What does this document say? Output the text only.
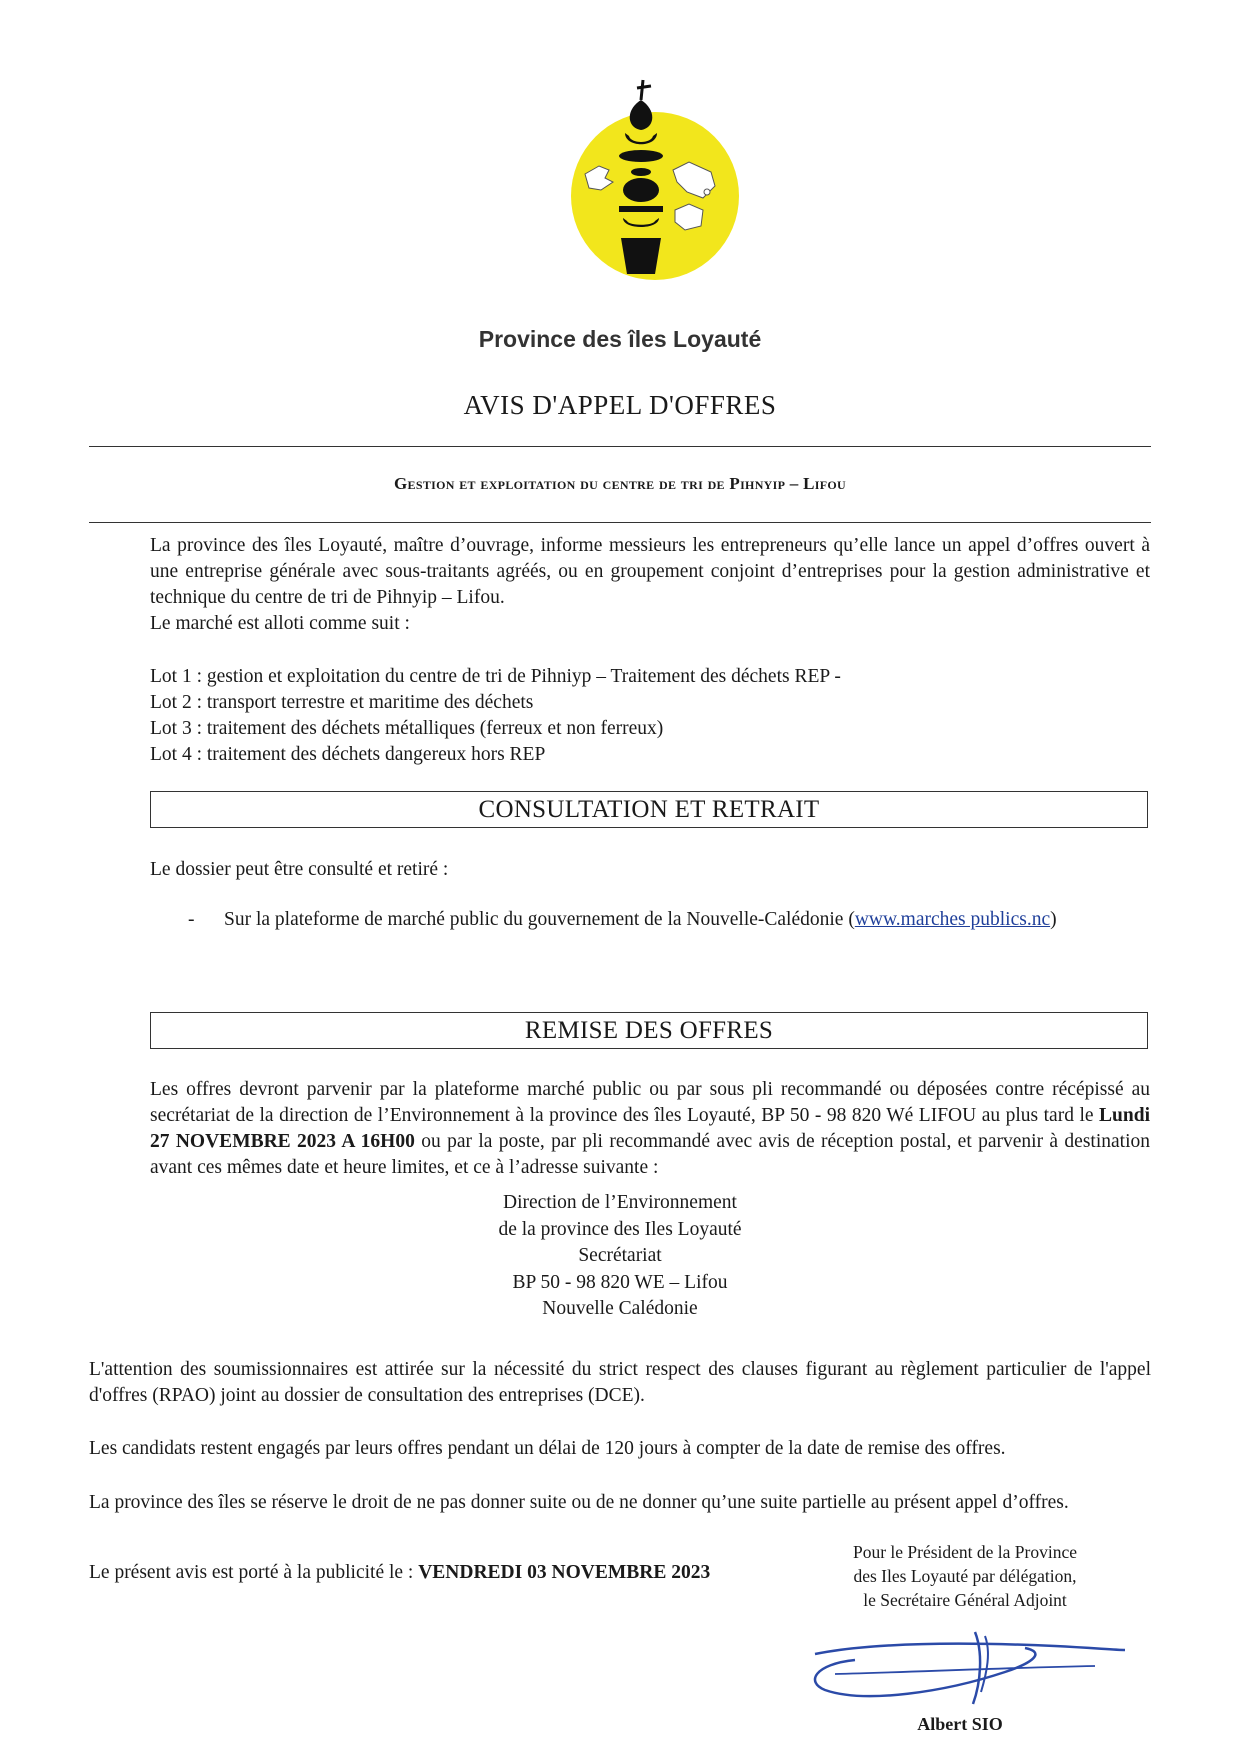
Province des îles Loyauté
AVIS D'APPEL D'OFFRES
Gestion et exploitation du centre de tri de Pihnyip – Lifou
La province des îles Loyauté, maître d’ouvrage, informe messieurs les entrepreneurs qu’elle lance un appel d’offres ouvert à une entreprise générale avec sous-traitants agréés, ou en groupement conjoint d’entreprises pour la gestion administrative et technique du centre de tri de Pihnyip – Lifou.
Le marché est alloti comme suit :
Lot 1 : gestion et exploitation du centre de tri de Pihniyp – Traitement des déchets REP -
Lot 2 : transport terrestre et maritime des déchets
Lot 3 : traitement des déchets métalliques (ferreux et non ferreux)
Lot 4 : traitement des déchets dangereux hors REP
CONSULTATION ET RETRAIT
Le dossier peut être consulté et retiré :
- Sur la plateforme de marché public du gouvernement de la Nouvelle-Calédonie (www.marches publics.nc)
REMISE DES OFFRES
Les offres devront parvenir par la plateforme marché public ou par sous pli recommandé ou déposées contre récépissé au secrétariat de la direction de l’Environnement à la province des îles Loyauté, BP 50 - 98 820 Wé LIFOU au plus tard le Lundi 27 NOVEMBRE 2023 A 16H00 ou par la poste, par pli recommandé avec avis de réception postal, et parvenir à destination avant ces mêmes date et heure limites, et ce à l’adresse suivante :
Direction de l’Environnement
de la province des Iles Loyauté
Secrétariat
BP 50 - 98 820 WE – Lifou
Nouvelle Calédonie
L'attention des soumissionnaires est attirée sur la nécessité du strict respect des clauses figurant au règlement particulier de l'appel d'offres (RPAO) joint au dossier de consultation des entreprises (DCE).
Les candidats restent engagés par leurs offres pendant un délai de 120 jours à compter de la date de remise des offres.
La province des îles se réserve le droit de ne pas donner suite ou de ne donner qu’une suite partielle au présent appel d’offres.
Le présent avis est porté à la publicité le : VENDREDI 03 NOVEMBRE 2023
Pour le Président de la Province
des Iles Loyauté par délégation,
le Secrétaire Général Adjoint
Albert SIO
